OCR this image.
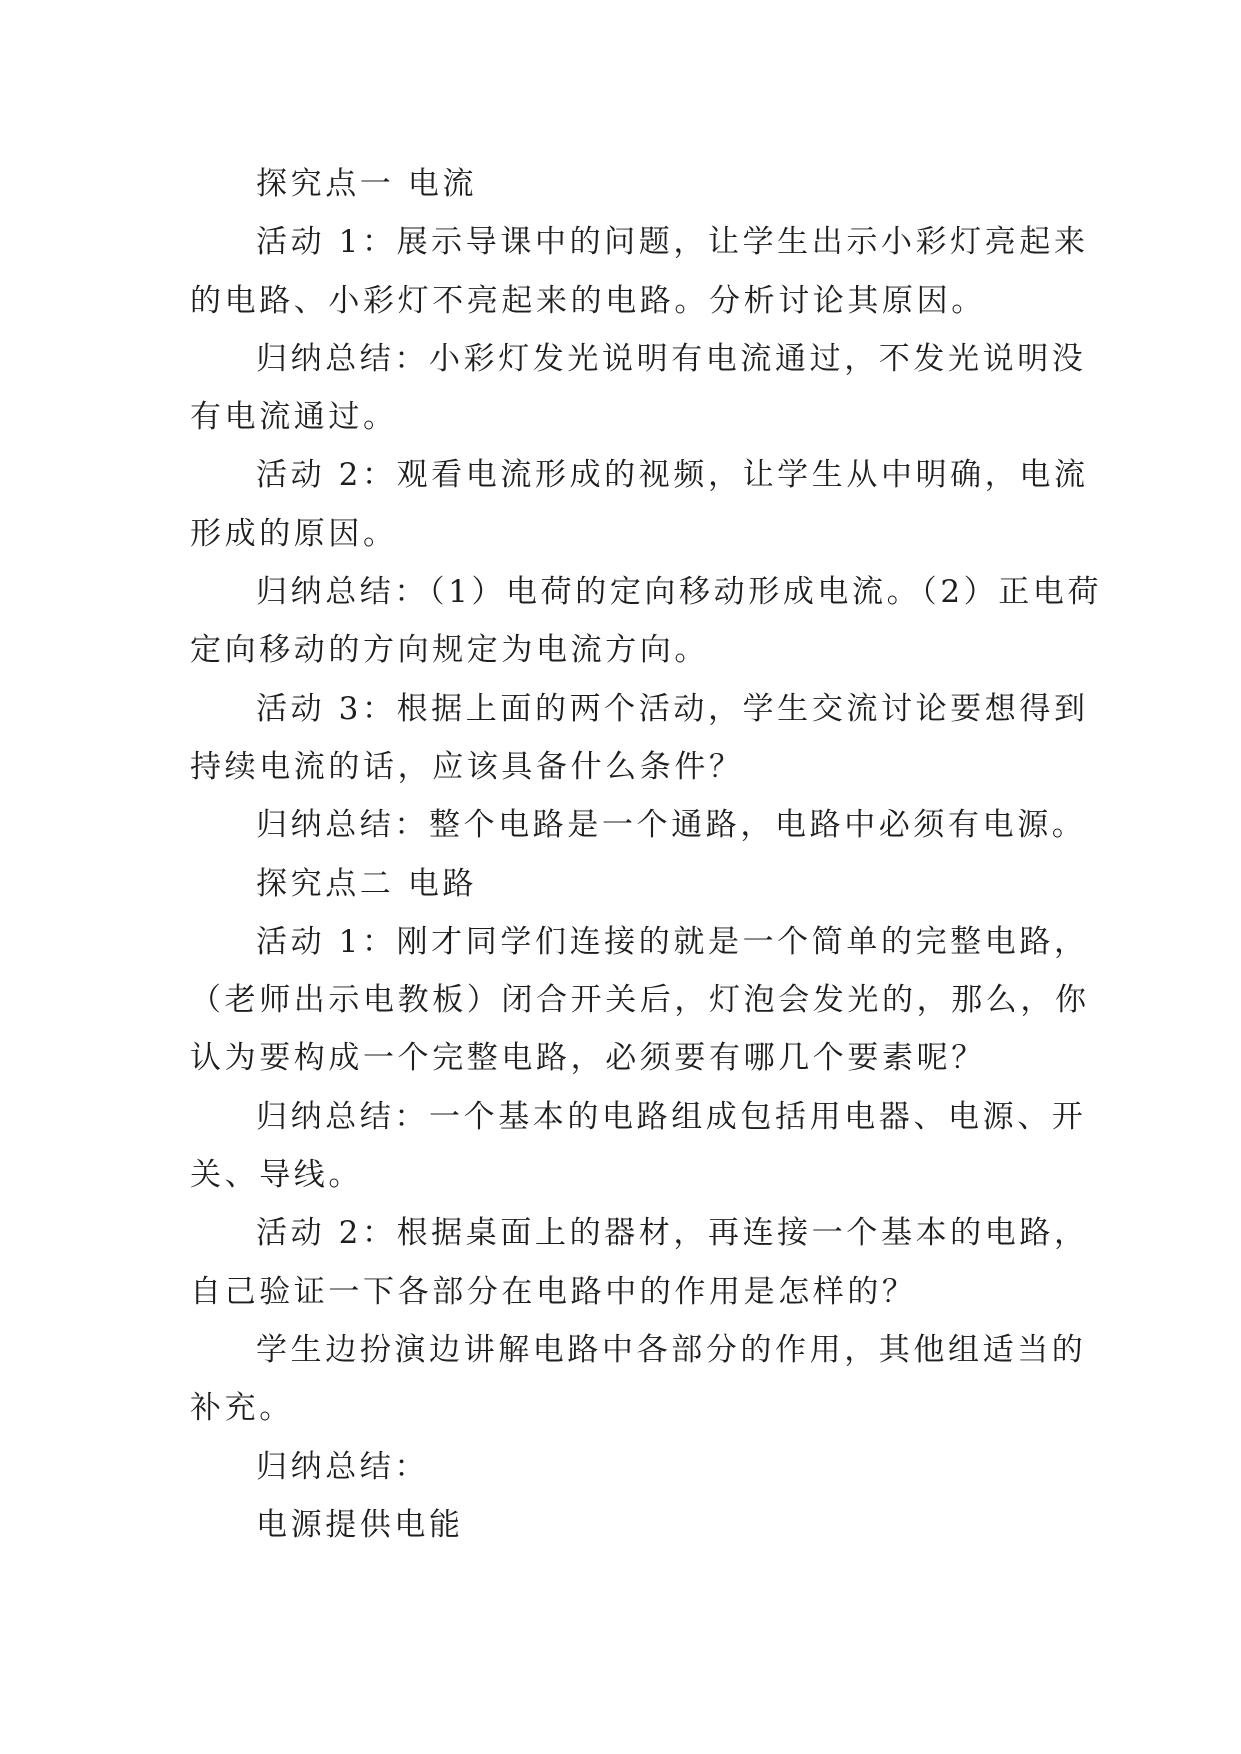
探究点一 电流

活动 1：展示导课中的问题，让学生出示小彩灯亮起来
的电路、小彩灯不亮起来的电路。分析讨论其原因。

归纳总结：小彩灯发光说明有电流通过，不发光说明没
有电流通过。

活动 2：观看电流形成的视频，让学生从中明确，电流
形成的原因。

归纳总结：（1）电荷的定向移动形成电流。（2）正电荷
定向移动的方向规定为电流方向。

活动 3：根据上面的两个活动，学生交流讨论要想得到
持续电流的话，应该具备什么条件？

归纳总结：整个电路是一个通路，电路中必须有电源。

探究点二 电路

活动 1：刚才同学们连接的就是一个简单的完整电路，
（老师出示电教板）闭合开关后，灯泡会发光的，那么，你
认为要构成一个完整电路，必须要有哪几个要素呢？

归纳总结：一个基本的电路组成包括用电器、电源、开
关、导线。

活动 2：根据桌面上的器材，再连接一个基本的电路，
自己验证一下各部分在电路中的作用是怎样的？

学生边扮演边讲解电路中各部分的作用，其他组适当的
补充。

归纳总结：

电源提供电能
